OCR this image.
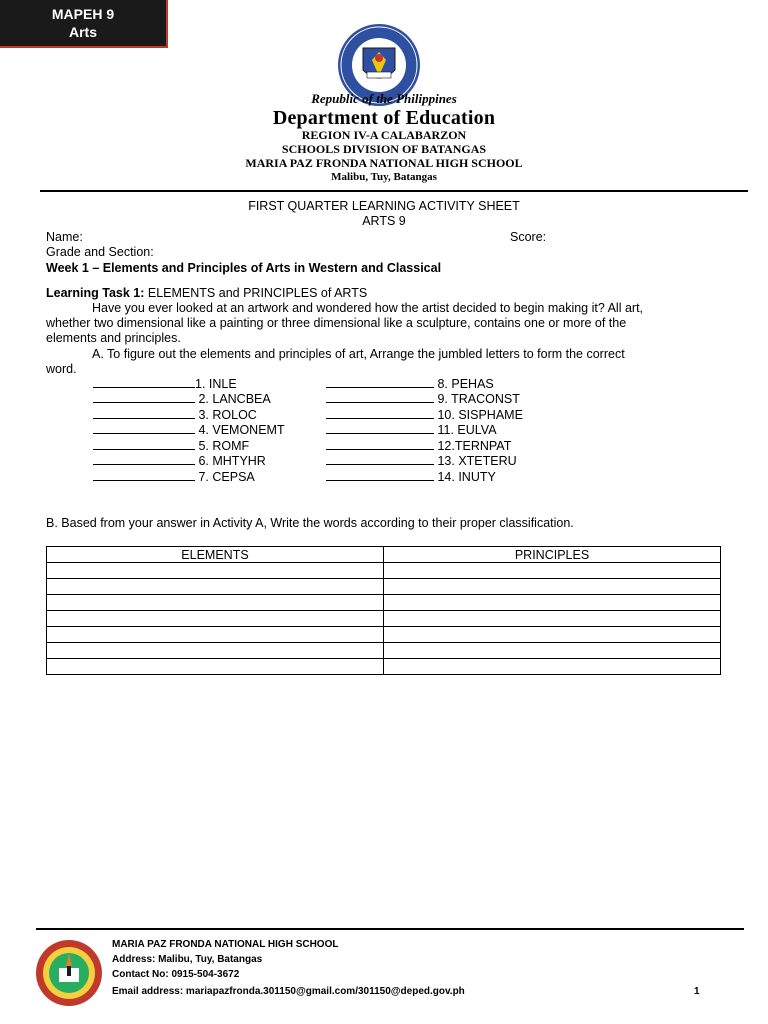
MAPEH 9
Arts
Republic of the Philippines
Department of Education
REGION IV-A CALABARZON
SCHOOLS DIVISION OF BATANGAS
MARIA PAZ FRONDA NATIONAL HIGH SCHOOL
Malibu, Tuy, Batangas
FIRST QUARTER LEARNING ACTIVITY SHEET
ARTS 9
Name:	Score:
Grade and Section:
Week 1 – Elements and Principles of Arts in Western and Classical
Learning Task 1: ELEMENTS and PRINCIPLES of ARTS
Have you ever looked at an artwork and wondered how the artist decided to begin making it? All art,
whether two dimensional like a painting or three dimensional like a sculpture, contains one or more of the
elements and principles.
A. To figure out the elements and principles of art, Arrange the jumbled letters to form the correct
word.
1. INLE
2. LANCBEA
3. ROLOC
4. VEMONEMT
5. ROMF
6. MHTYHR
7. CEPSA
8. PEHAS
9. TRACONST
10. SISPHAME
11. EULVA
12.TERNPAT
13. XTETERU
14. INUTY
B. Based from your answer in Activity A, Write the words according to their proper classification.
ELEMENTS	PRINCIPLES

MARIA PAZ FRONDA NATIONAL HIGH SCHOOL
Address: Malibu, Tuy, Batangas
Contact No: 0915-504-3672
Email address: mariapazfronda.301150@gmail.com/301150@deped.gov.ph	1
